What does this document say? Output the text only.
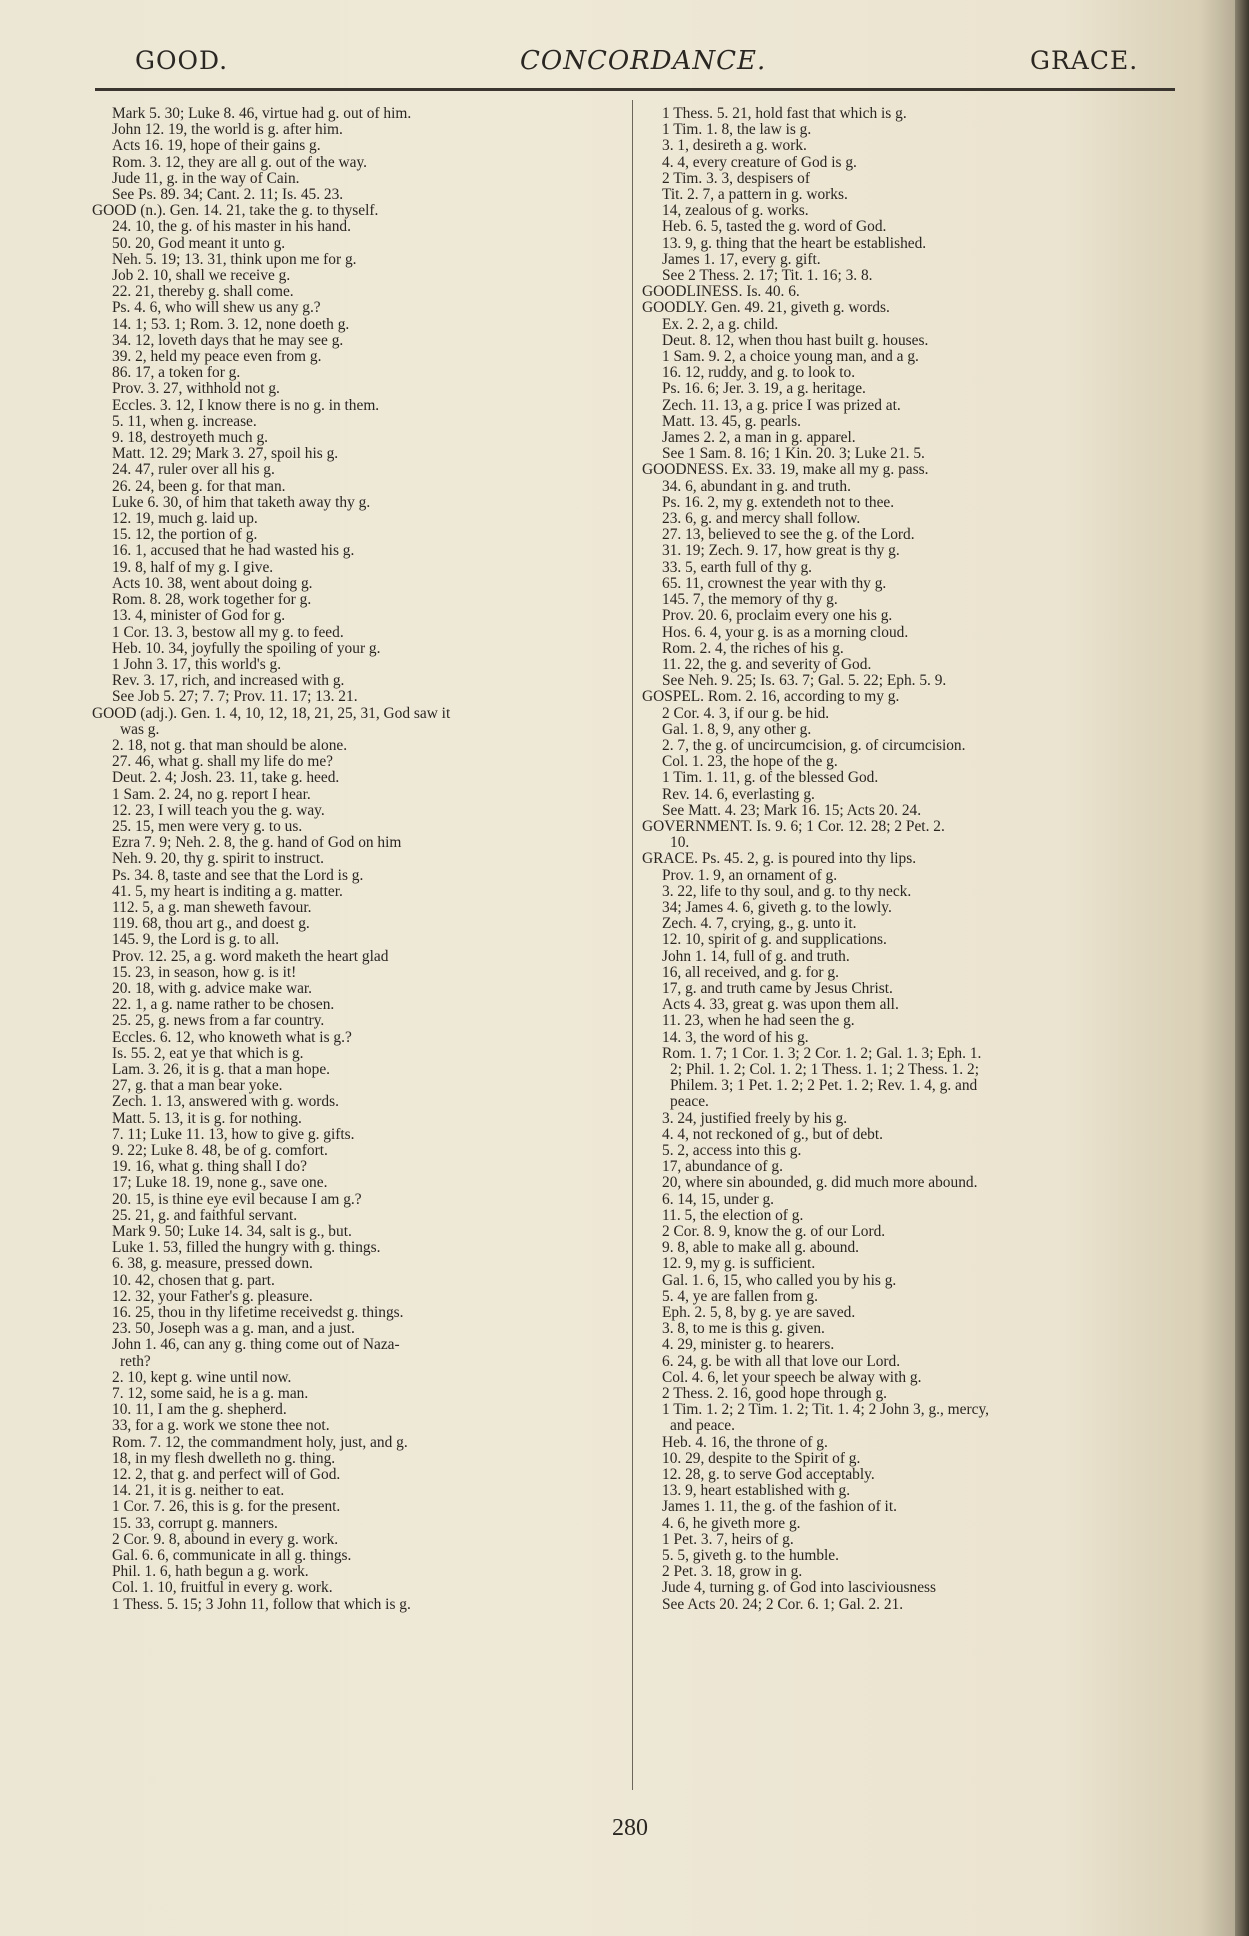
GOOD.	CONCORDANCE.	GRACE.
Mark 5. 30; Luke 8. 46, virtue had g. out of him.
John 12. 19, the world is g. after him.
Acts 16. 19, hope of their gains g.
Rom. 3. 12, they are all g. out of the way.
Jude 11, g. in the way of Cain.
See Ps. 89. 34; Cant. 2. 11; Is. 45. 23.
GOOD (n.). Gen. 14. 21, take the g. to thyself.
24. 10, the g. of his master in his hand.
50. 20, God meant it unto g.
Neh. 5. 19; 13. 31, think upon me for g.
Job 2. 10, shall we receive g.
22. 21, thereby g. shall come.
Ps. 4. 6, who will shew us any g.?
14. 1; 53. 1; Rom. 3. 12, none doeth g.
34. 12, loveth days that he may see g.
39. 2, held my peace even from g.
86. 17, a token for g.
Prov. 3. 27, withhold not g.
Eccles. 3. 12, I know there is no g. in them.
5. 11, when g. increase.
9. 18, destroyeth much g.
Matt. 12. 29; Mark 3. 27, spoil his g.
24. 47, ruler over all his g.
26. 24, been g. for that man.
Luke 6. 30, of him that taketh away thy g.
12. 19, much g. laid up.
15. 12, the portion of g.
16. 1, accused that he had wasted his g.
19. 8, half of my g. I give.
Acts 10. 38, went about doing g.
Rom. 8. 28, work together for g.
13. 4, minister of God for g.
1 Cor. 13. 3, bestow all my g. to feed.
Heb. 10. 34, joyfully the spoiling of your g.
1 John 3. 17, this world's g.
Rev. 3. 17, rich, and increased with g.
See Job 5. 27; 7. 7; Prov. 11. 17; 13. 21.
GOOD (adj.). Gen. 1. 4, 10, 12, 18, 21, 25, 31, God saw it
was g.
2. 18, not g. that man should be alone.
27. 46, what g. shall my life do me?
Deut. 2. 4; Josh. 23. 11, take g. heed.
1 Sam. 2. 24, no g. report I hear.
12. 23, I will teach you the g. way.
25. 15, men were very g. to us.
Ezra 7. 9; Neh. 2. 8, the g. hand of God on him
Neh. 9. 20, thy g. spirit to instruct.
Ps. 34. 8, taste and see that the Lord is g.
41. 5, my heart is inditing a g. matter.
112. 5, a g. man sheweth favour.
119. 68, thou art g., and doest g.
145. 9, the Lord is g. to all.
Prov. 12. 25, a g. word maketh the heart glad
15. 23, in season, how g. is it!
20. 18, with g. advice make war.
22. 1, a g. name rather to be chosen.
25. 25, g. news from a far country.
Eccles. 6. 12, who knoweth what is g.?
Is. 55. 2, eat ye that which is g.
Lam. 3. 26, it is g. that a man hope.
27, g. that a man bear yoke.
Zech. 1. 13, answered with g. words.
Matt. 5. 13, it is g. for nothing.
7. 11; Luke 11. 13, how to give g. gifts.
9. 22; Luke 8. 48, be of g. comfort.
19. 16, what g. thing shall I do?
17; Luke 18. 19, none g., save one.
20. 15, is thine eye evil because I am g.?
25. 21, g. and faithful servant.
Mark 9. 50; Luke 14. 34, salt is g., but.
Luke 1. 53, filled the hungry with g. things.
6. 38, g. measure, pressed down.
10. 42, chosen that g. part.
12. 32, your Father's g. pleasure.
16. 25, thou in thy lifetime receivedst g. things.
23. 50, Joseph was a g. man, and a just.
John 1. 46, can any g. thing come out of Naza-
reth?
2. 10, kept g. wine until now.
7. 12, some said, he is a g. man.
10. 11, I am the g. shepherd.
33, for a g. work we stone thee not.
Rom. 7. 12, the commandment holy, just, and g.
18, in my flesh dwelleth no g. thing.
12. 2, that g. and perfect will of God.
14. 21, it is g. neither to eat.
1 Cor. 7. 26, this is g. for the present.
15. 33, corrupt g. manners.
2 Cor. 9. 8, abound in every g. work.
Gal. 6. 6, communicate in all g. things.
Phil. 1. 6, hath begun a g. work.
Col. 1. 10, fruitful in every g. work.
1 Thess. 5. 15; 3 John 11, follow that which is g.
1 Thess. 5. 21, hold fast that which is g.
1 Tim. 1. 8, the law is g.
3. 1, desireth a g. work.
4. 4, every creature of God is g.
2 Tim. 3. 3, despisers of
Tit. 2. 7, a pattern in g. works.
14, zealous of g. works.
Heb. 6. 5, tasted the g. word of God.
13. 9, g. thing that the heart be established.
James 1. 17, every g. gift.
See 2 Thess. 2. 17; Tit. 1. 16; 3. 8.
GOODLINESS. Is. 40. 6.
GOODLY. Gen. 49. 21, giveth g. words.
Ex. 2. 2, a g. child.
Deut. 8. 12, when thou hast built g. houses.
1 Sam. 9. 2, a choice young man, and a g.
16. 12, ruddy, and g. to look to.
Ps. 16. 6; Jer. 3. 19, a g. heritage.
Zech. 11. 13, a g. price I was prized at.
Matt. 13. 45, g. pearls.
James 2. 2, a man in g. apparel.
See 1 Sam. 8. 16; 1 Kin. 20. 3; Luke 21. 5.
GOODNESS. Ex. 33. 19, make all my g. pass.
34. 6, abundant in g. and truth.
Ps. 16. 2, my g. extendeth not to thee.
23. 6, g. and mercy shall follow.
27. 13, believed to see the g. of the Lord.
31. 19; Zech. 9. 17, how great is thy g.
33. 5, earth full of thy g.
65. 11, crownest the year with thy g.
145. 7, the memory of thy g.
Prov. 20. 6, proclaim every one his g.
Hos. 6. 4, your g. is as a morning cloud.
Rom. 2. 4, the riches of his g.
11. 22, the g. and severity of God.
See Neh. 9. 25; Is. 63. 7; Gal. 5. 22; Eph. 5. 9.
GOSPEL. Rom. 2. 16, according to my g.
2 Cor. 4. 3, if our g. be hid.
Gal. 1. 8, 9, any other g.
2. 7, the g. of uncircumcision, g. of circumcision.
Col. 1. 23, the hope of the g.
1 Tim. 1. 11, g. of the blessed God.
Rev. 14. 6, everlasting g.
See Matt. 4. 23; Mark 16. 15; Acts 20. 24.
GOVERNMENT. Is. 9. 6; 1 Cor. 12. 28; 2 Pet. 2.
10.
GRACE. Ps. 45. 2, g. is poured into thy lips.
Prov. 1. 9, an ornament of g.
3. 22, life to thy soul, and g. to thy neck.
34; James 4. 6, giveth g. to the lowly.
Zech. 4. 7, crying, g., g. unto it.
12. 10, spirit of g. and supplications.
John 1. 14, full of g. and truth.
16, all received, and g. for g.
17, g. and truth came by Jesus Christ.
Acts 4. 33, great g. was upon them all.
11. 23, when he had seen the g.
14. 3, the word of his g.
Rom. 1. 7; 1 Cor. 1. 3; 2 Cor. 1. 2; Gal. 1. 3; Eph. 1.
2; Phil. 1. 2; Col. 1. 2; 1 Thess. 1. 1; 2 Thess. 1. 2;
Philem. 3; 1 Pet. 1. 2; 2 Pet. 1. 2; Rev. 1. 4, g. and
peace.
3. 24, justified freely by his g.
4. 4, not reckoned of g., but of debt.
5. 2, access into this g.
17, abundance of g.
20, where sin abounded, g. did much more abound.
6. 14, 15, under g.
11. 5, the election of g.
2 Cor. 8. 9, know the g. of our Lord.
9. 8, able to make all g. abound.
12. 9, my g. is sufficient.
Gal. 1. 6, 15, who called you by his g.
5. 4, ye are fallen from g.
Eph. 2. 5, 8, by g. ye are saved.
3. 8, to me is this g. given.
4. 29, minister g. to hearers.
6. 24, g. be with all that love our Lord.
Col. 4. 6, let your speech be alway with g.
2 Thess. 2. 16, good hope through g.
1 Tim. 1. 2; 2 Tim. 1. 2; Tit. 1. 4; 2 John 3, g., mercy,
and peace.
Heb. 4. 16, the throne of g.
10. 29, despite to the Spirit of g.
12. 28, g. to serve God acceptably.
13. 9, heart established with g.
James 1. 11, the g. of the fashion of it.
4. 6, he giveth more g.
1 Pet. 3. 7, heirs of g.
5. 5, giveth g. to the humble.
2 Pet. 3. 18, grow in g.
Jude 4, turning g. of God into lasciviousness
See Acts 20. 24; 2 Cor. 6. 1; Gal. 2. 21.
280
